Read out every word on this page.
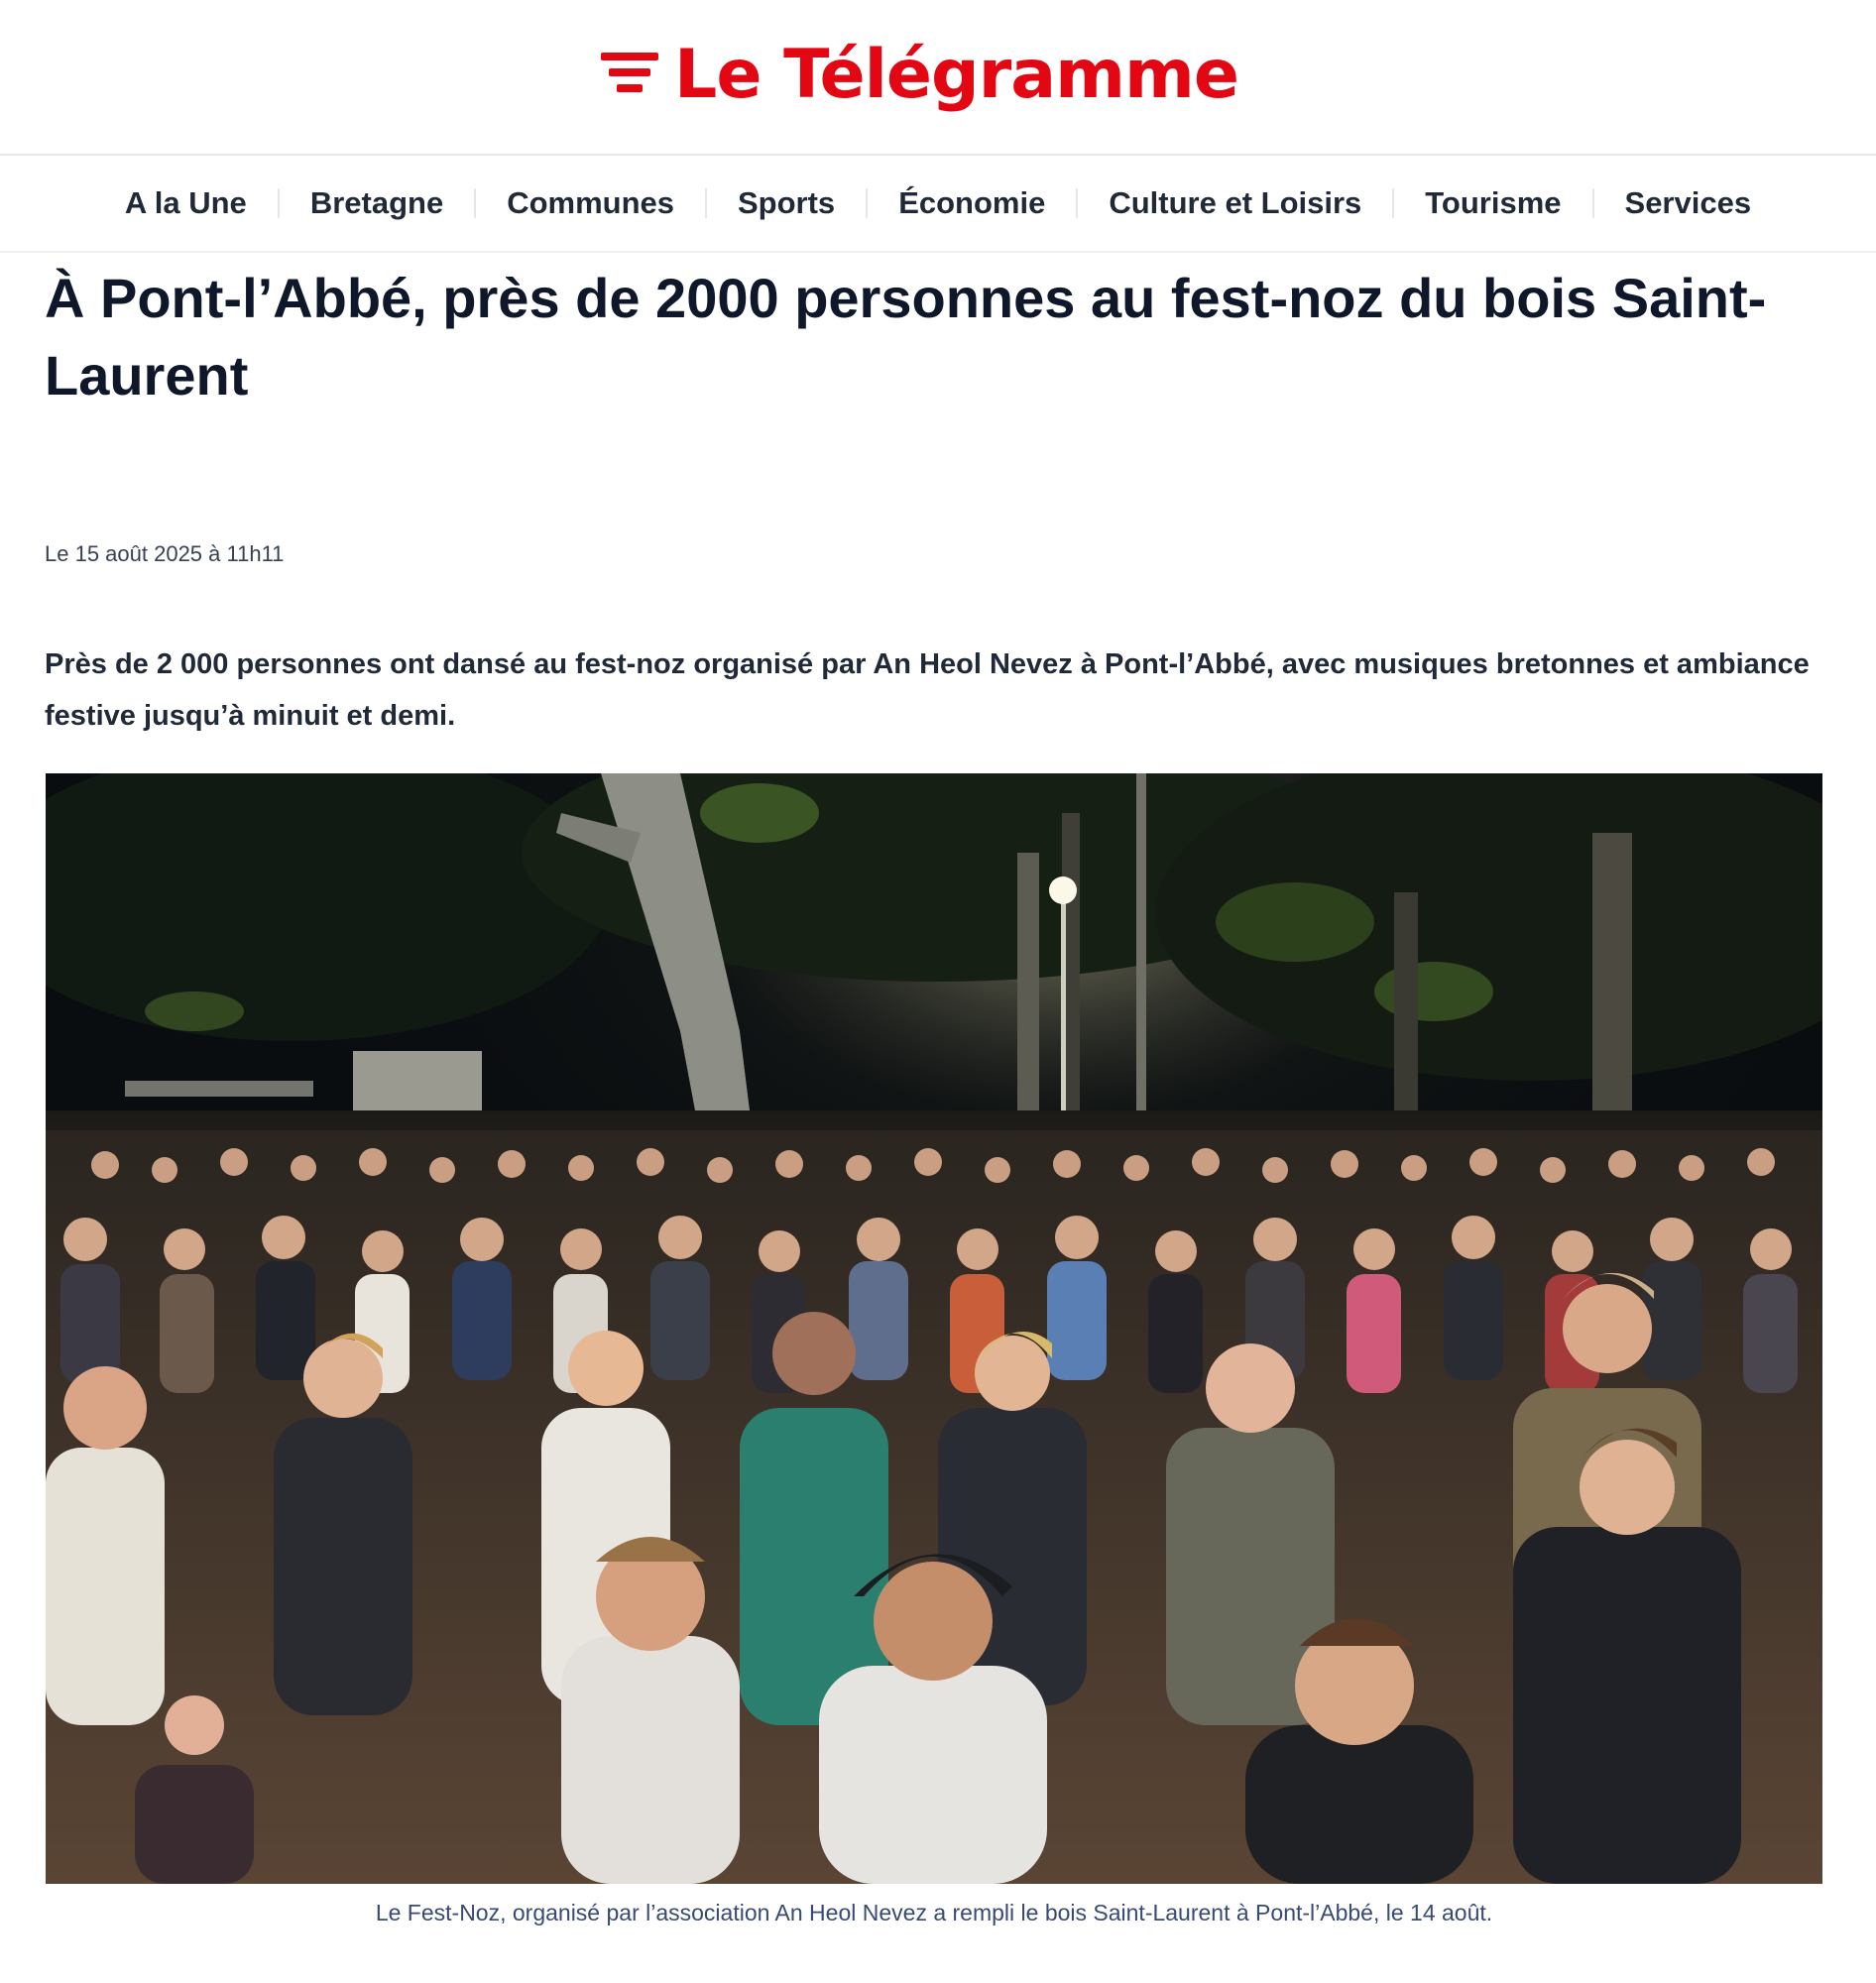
Le Télégramme
A la Une	Bretagne	Communes	Sports	Économie	Culture et Loisirs	Tourisme	Services
À Pont-l’Abbé, près de 2000 personnes au fest-noz du bois Saint-Laurent
Le 15 août 2025 à 11h11

Près de 2 000 personnes ont dansé au fest-noz organisé par An Heol Nevez à Pont-l’Abbé, avec musiques bretonnes et ambiance festive jusqu’à minuit et demi.

Le Fest-Noz, organisé par l’association An Heol Nevez a rempli le bois Saint-Laurent à Pont-l’Abbé, le 14 août.
